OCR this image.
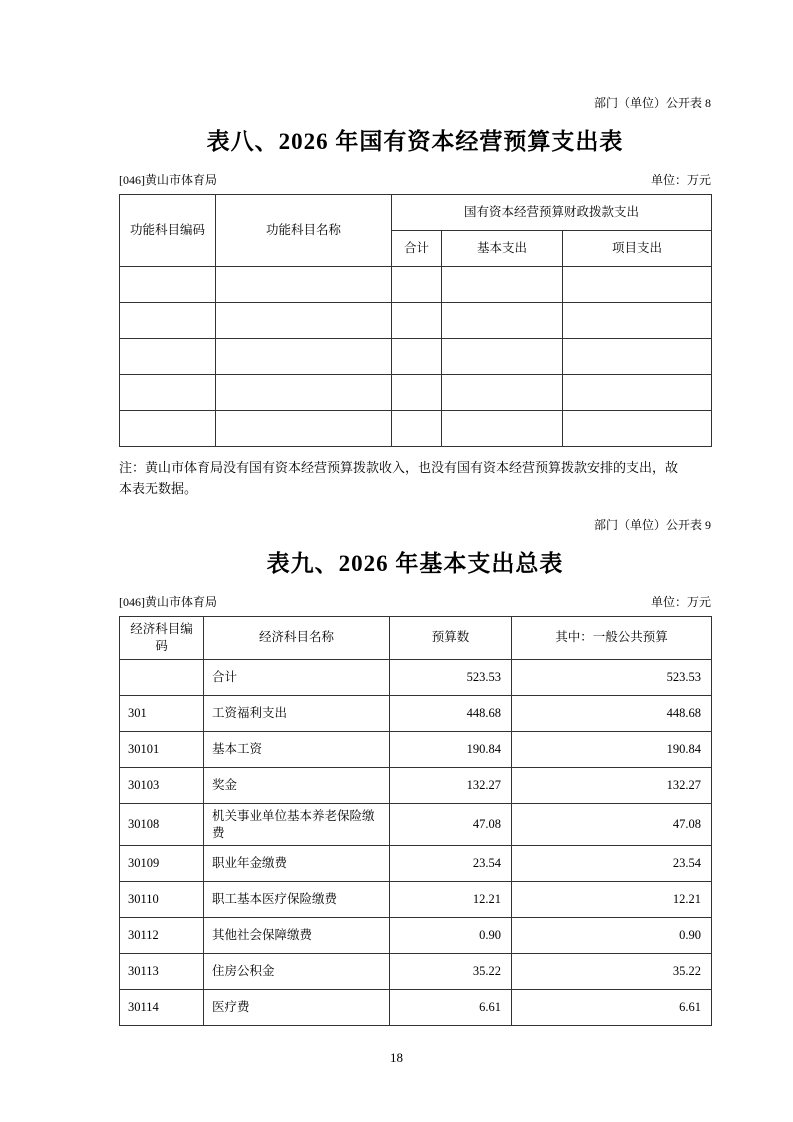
部门（单位）公开表 8
表八、2026 年国有资本经营预算支出表
[046]黄山市体育局	单位：万元
功能科目编码	功能科目名称	国有资本经营预算财政拨款支出		
		合计	基本支出	项目支出

注：黄山市体育局没有国有资本经营预算拨款收入，也没有国有资本经营预算拨款安排的支出，故本表无数据。

部门（单位）公开表 9
表九、2026 年基本支出总表
[046]黄山市体育局	单位：万元
经济科目编码	经济科目名称	预算数	其中：一般公共预算
	合计	523.53	523.53
301	工资福利支出	448.68	448.68
30101	基本工资	190.84	190.84
30103	奖金	132.27	132.27
30108	机关事业单位基本养老保险缴费	47.08	47.08
30109	职业年金缴费	23.54	23.54
30110	职工基本医疗保险缴费	12.21	12.21
30112	其他社会保障缴费	0.90	0.90
30113	住房公积金	35.22	35.22
30114	医疗费	6.61	6.61
18
